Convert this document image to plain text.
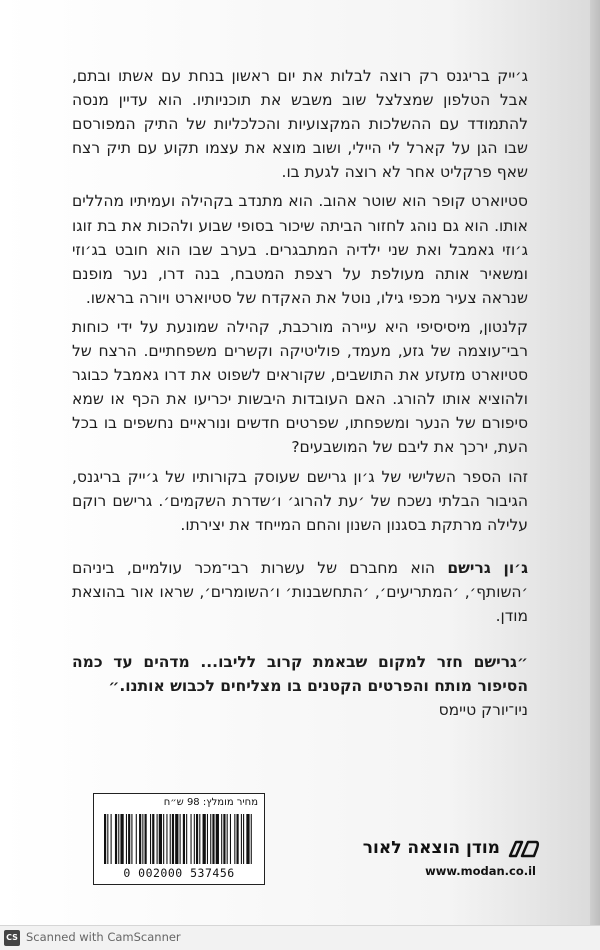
ג׳ייק בריגנס רק רוצה לבלות את יום ראשון בנחת עם אשתו ובתם, אבל הטלפון שמצלצל שוב משבש את תוכניותיו. הוא עדיין מנסה להתמודד עם ההשלכות המקצועיות והכלכליות של התיק המפורסם שבו הגן על קארל לי היילי, ושוב מוצא את עצמו תקוע עם תיק רצח שאף פרקליט אחר לא רוצה לגעת בו.

סטיוארט קופר הוא שוטר אהוב. הוא מתנדב בקהילה ועמיתיו מהללים אותו. הוא גם נוהג לחזור הביתה שיכור בסופי שבוע ולהכות את בת זוגו ג׳וזי גאמבל ואת שני ילדיה המתבגרים. בערב שבו הוא חובט בג׳וזי ומשאיר אותה מעולפת על רצפת המטבח, בנה דרו, נער מופנם שנראה צעיר מכפי גילו, נוטל את האקדח של סטיוארט ויורה בראשו.

קלנטון, מיסיסיפי היא עיירה מורכבת, קהילה שמונעת על ידי כוחות רבי־עוצמה של גזע, מעמד, פוליטיקה וקשרים משפחתיים. הרצח של סטיוארט מזעזע את התושבים, שקוראים לשפוט את דרו גאמבל כבוגר ולהוציא אותו להורג. האם העובדות היבשות יכריעו את הכף או שמא סיפורם של הנער ומשפחתו, שפרטים חדשים ונוראיים נחשפים בו בכל העת, ירכך את ליבם של המושבעים?

זהו הספר השלישי של ג׳ון גרישם שעוסק בקורותיו של ג׳ייק בריגנס, הגיבור הבלתי נשכח של ׳עת להרוג׳ ו׳שדרת השקמים׳. גרישם רוקם עלילה מרתקת בסגנון השנון והחם המייחד את יצירתו.

ג׳ון גרישם הוא מחברם של עשרות רבי־מכר עולמיים, ביניהם ׳השותף׳, ׳המתריעים׳, ׳התחשבנות׳ ו׳השומרים׳, שראו אור בהוצאת מודן.

״גרישם חזר למקום שבאמת קרוב לליבו... מדהים עד כמה הסיפור מותח והפרטים הקטנים בו מצליחים לכבוש אותנו.״

ניו־יורק טיימס

מחיר מומלץ: 98 ש״ח
0 002000 537456
מודן הוצאה לאור
www.modan.co.il
CS Scanned with CamScanner
